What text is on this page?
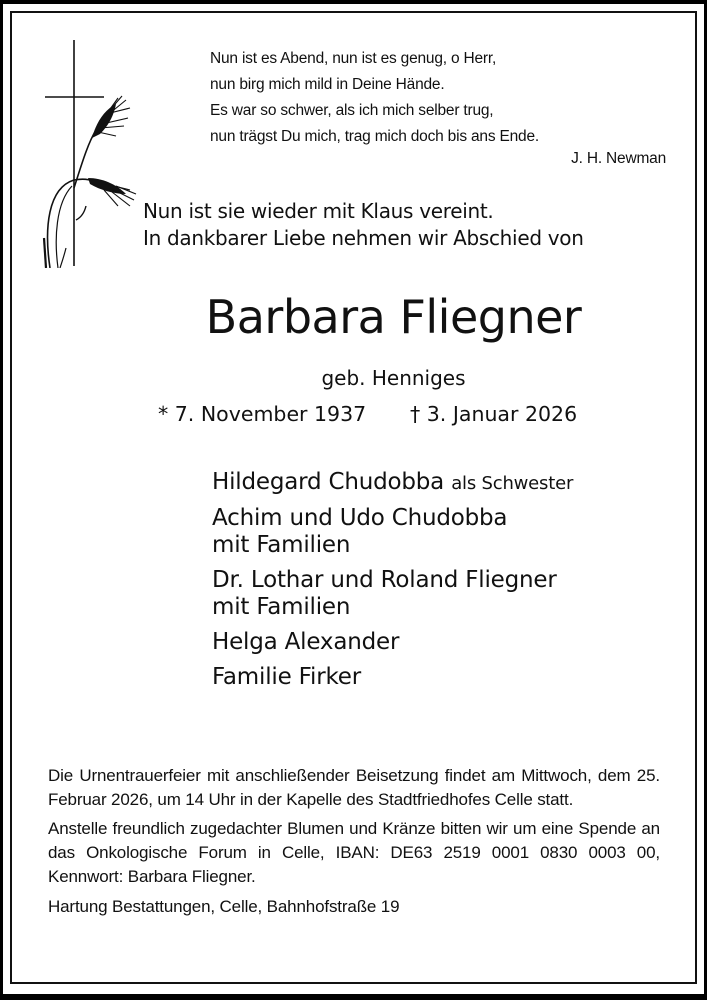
Nun ist es Abend, nun ist es genug, o Herr,
nun birg mich mild in Deine Hände.
Es war so schwer, als ich mich selber trug,
nun trägst Du mich, trag mich doch bis ans Ende.
J. H. Newman
Nun ist sie wieder mit Klaus vereint.
In dankbarer Liebe nehmen wir Abschied von
Barbara Fliegner
geb. Henniges
* 7. November 1937 † 3. Januar 2026
Hildegard Chudobba als Schwester
Achim und Udo Chudobba
mit Familien
Dr. Lothar und Roland Fliegner
mit Familien
Helga Alexander
Familie Firker

Die Urnentrauerfeier mit anschließender Beisetzung findet am Mittwoch, dem 25. Februar 2026, um 14 Uhr in der Kapelle des Stadtfriedhofes Celle statt.

Anstelle freundlich zugedachter Blumen und Kränze bitten wir um eine Spende an das Onkologische Forum in Celle, IBAN: DE63 2519 0001 0830 0003 00, Kennwort: Barbara Fliegner.

Hartung Bestattungen, Celle, Bahnhofstraße 19
